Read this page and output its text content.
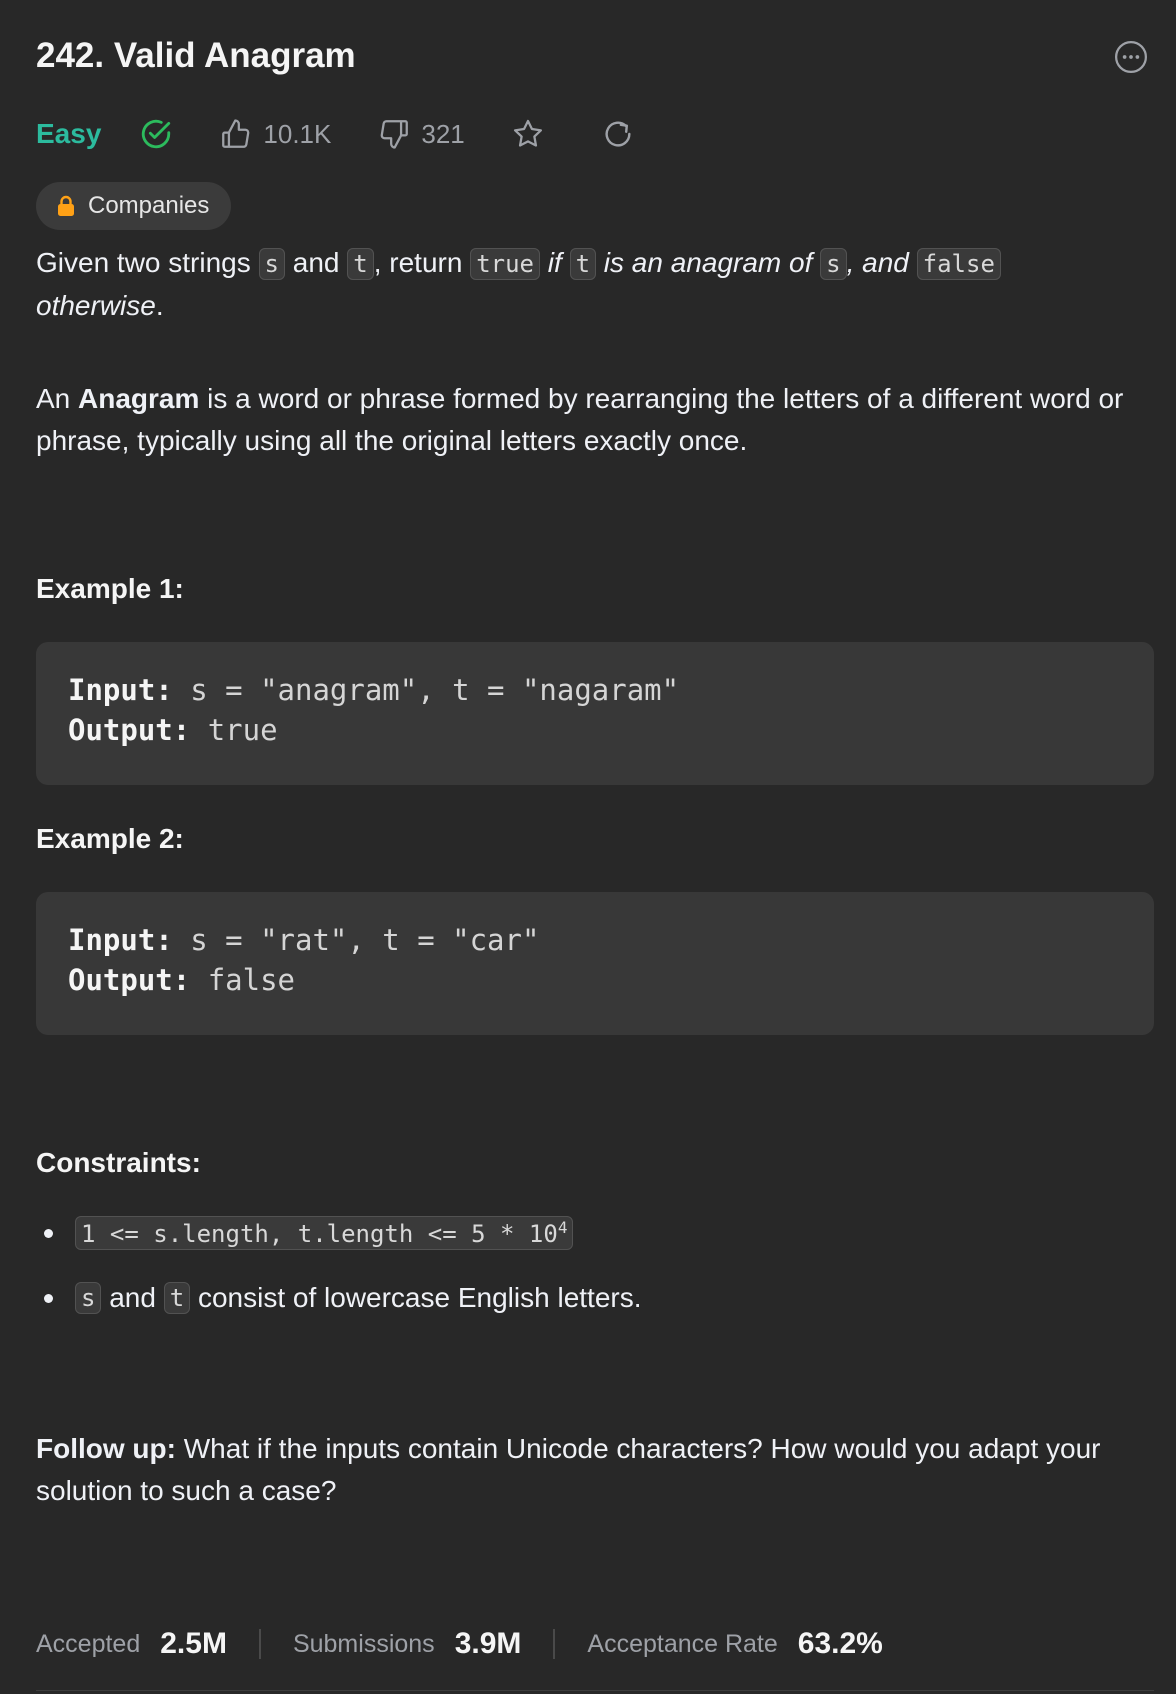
242. Valid Anagram
Easy	10.1K	321
Companies

Given two strings s and t , return true if t is an anagram of s , and false
otherwise.

An Anagram is a word or phrase formed by rearranging the letters of a different word or phrase, typically using all the original letters exactly once.

Example 1:
Input: s = "anagram", t = "nagaram"
Output: true
Example 2:
Input: s = "rat", t = "car"
Output: false
Constraints:
1 <= s.length, t.length <= $5 * 10^4$
s and t consist of lowercase English letters.

Follow up: What if the inputs contain Unicode characters? How would you adapt your solution to such a case?

Accepted 2.5M	Submissions 3.9M	Acceptance Rate 63.2%
